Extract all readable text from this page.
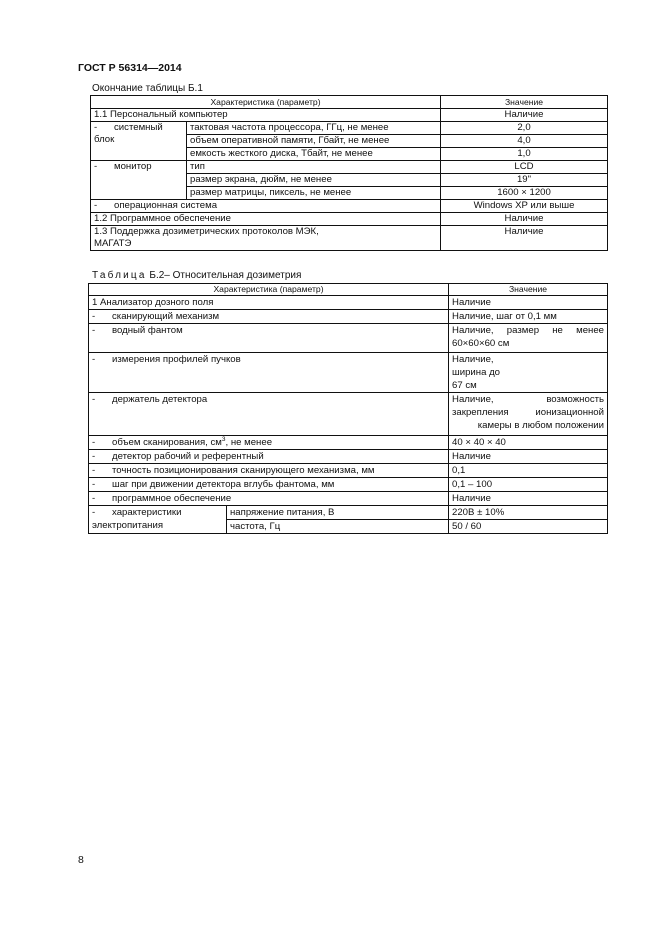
ГОСТ Р 56314—2014
Окончание таблицы Б.1
Характеристика (параметр)		Значение
1.1 Персональный компьютер		Наличие
- системный блок	тактовая частота процессора, ГГц, не менее	2,0
	объем оперативной памяти, Гбайт, не менее	4,0
	емкость жесткого диска, Тбайт, не менее	1,0
- монитор	тип	LCD
	размер экрана, дюйм, не менее	19"
	размер матрицы, пиксель, не менее	1600 × 1200
- операционная система		Windows XP или выше
1.2 Программное обеспечение		Наличие
1.3 Поддержка дозиметрических протоколов МЭК, МАГАТЭ		Наличие
Таблица Б.2– Относительная дозиметрия
Характеристика (параметр)		Значение
1 Анализатор дозного поля		Наличие
- сканирующий механизм		Наличие, шаг от 0,1 мм
- водный фантом		Наличие, размер не менее 60×60×60 см
- измерения профилей пучков		Наличие, ширина до 67 см
- держатель детектора		Наличие, возможность закрепления ионизационной камеры в любом положении
- объем сканирования, $см^3$, не менее		40 × 40 × 40
- детектор рабочий и референтный		Наличие
- точность позиционирования сканирующего механизма, мм		0,1
- шаг при движении детектора вглубь фантома, мм		0,1 – 100
- программное обеспечение		Наличие
- характеристики электропитания	напряжение питания, В	220В ± 10%
	частота, Гц	50 / 60
8
